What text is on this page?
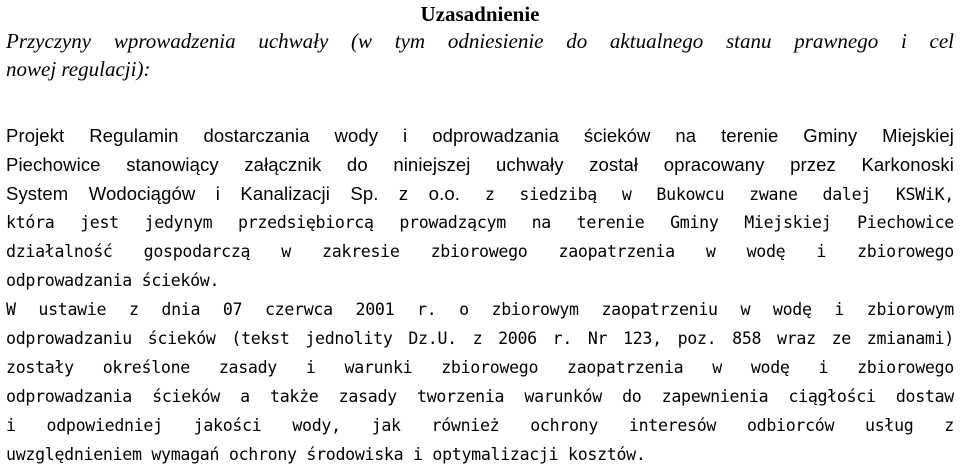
Uzasadnienie

Przyczyny wprowadzenia uchwały (w tym odniesienie do aktualnego stanu prawnego i cel
nowej regulacji):

Projekt Regulamin dostarczania wody i odprowadzania ścieków na terenie Gminy Miejskiej
Piechowice stanowiący załącznik do niniejszej uchwały został opracowany przez Karkonoski
System Wodociągów i Kanalizacji Sp. z o.o. z siedzibą w Bukowcu zwane dalej KSWiK,
która jest jedynym przedsiębiorcą prowadzącym na terenie Gminy Miejskiej Piechowice
działalność gospodarczą w zakresie zbiorowego zaopatrzenia w wodę i zbiorowego
odprowadzania ścieków.
W ustawie z dnia 07 czerwca 2001 r. o zbiorowym zaopatrzeniu w wodę i zbiorowym
odprowadzaniu ścieków (tekst jednolity Dz.U. z 2006 r. Nr 123, poz. 858 wraz ze zmianami)
zostały określone zasady i warunki zbiorowego zaopatrzenia w wodę i zbiorowego
odprowadzania ścieków a także zasady tworzenia warunków do zapewnienia ciągłości dostaw
i odpowiedniej jakości wody, jak również ochrony interesów odbiorców usług z
uwzględnieniem wymagań ochrony środowiska i optymalizacji kosztów.
